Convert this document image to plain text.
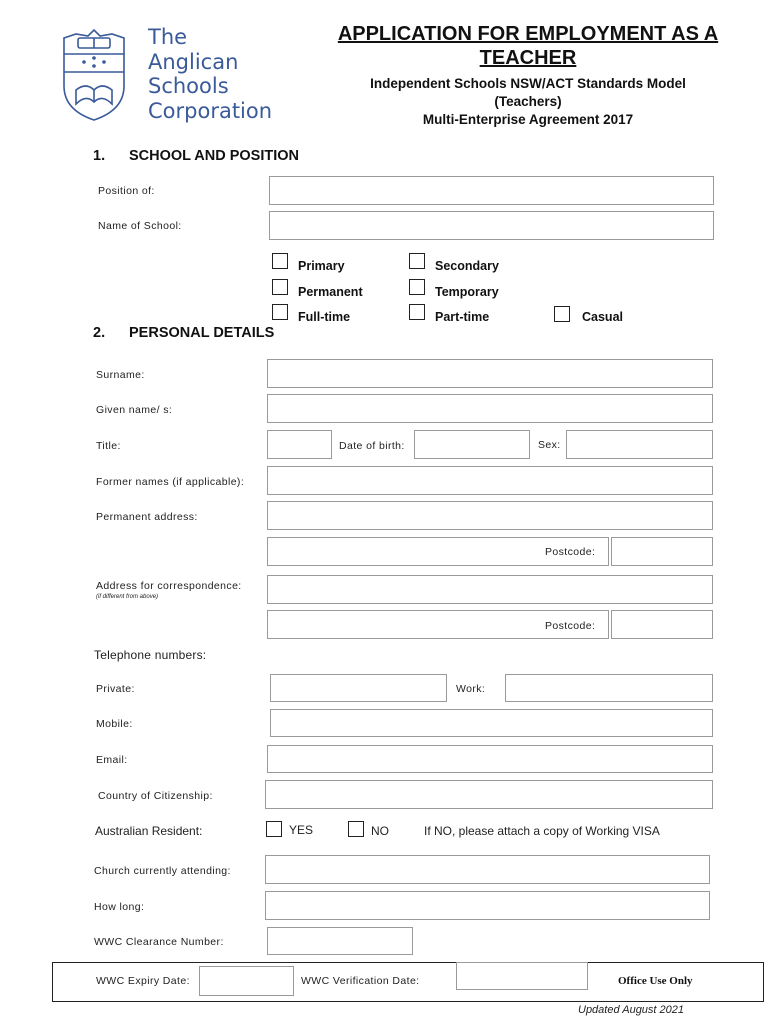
The
Anglican
Schools
Corporation
APPLICATION FOR EMPLOYMENT AS A
TEACHER
Independent Schools NSW/ACT Standards Model
(Teachers)
Multi-Enterprise Agreement 2017
1. SCHOOL AND POSITION
Position of:
Name of School:
Primary	Secondary
Permanent	Temporary
Full-time	Part-time	Casual
2. PERSONAL DETAILS
Surname:
Given name/ s:
Title:	Date of birth:	Sex:
Former names (if applicable):
Permanent address:
Postcode:
Address for correspondence:
(if different from above)
Postcode:
Telephone numbers:
Private:	Work:
Mobile:
Email:
Country of Citizenship:
Australian Resident:	YES	NO	If NO, please attach a copy of Working VISA
Church currently attending:
How long:
WWC Clearance Number:
WWC Expiry Date:	WWC Verification Date:	Office Use Only
Updated August 2021
